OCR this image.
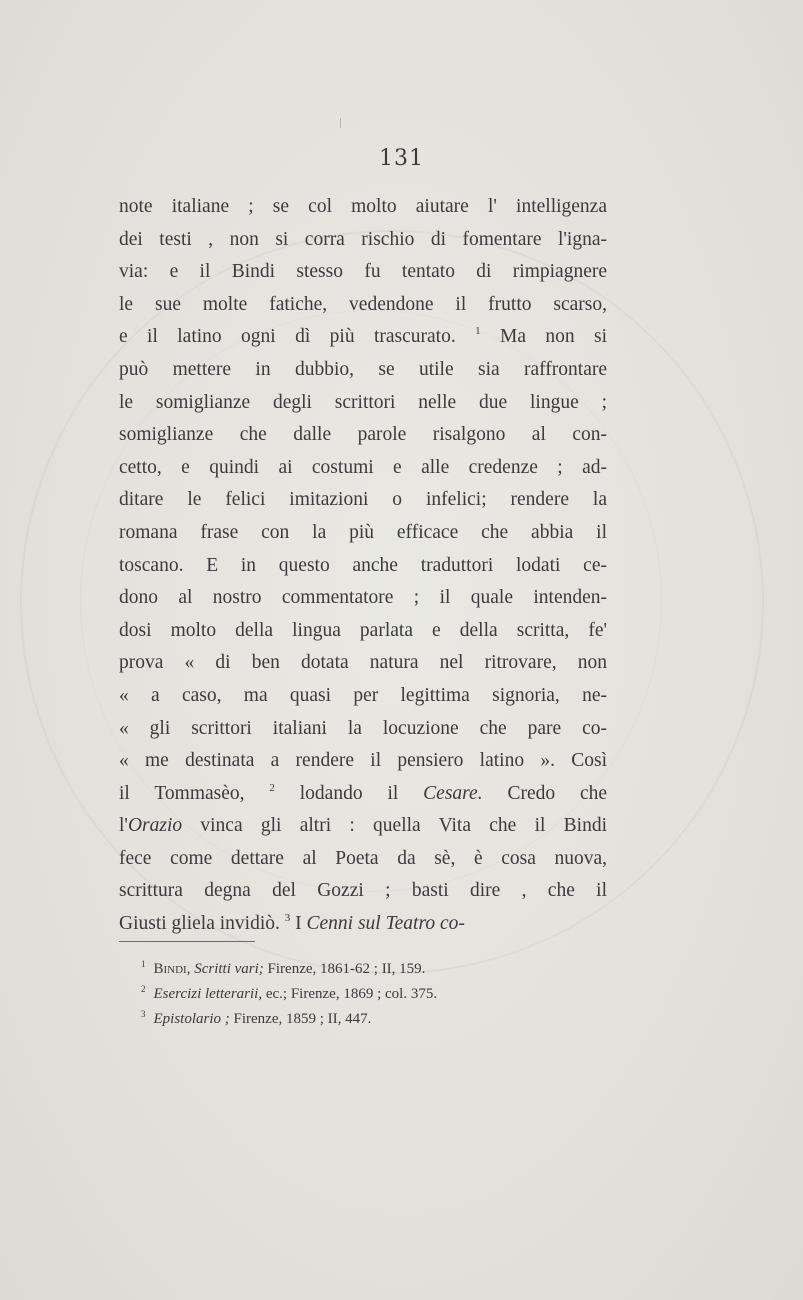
131
note italiane ; se col molto aiutare l' intelligenza
dei testi , non si corra rischio di fomentare l'igna-
via: e il Bindi stesso fu tentato di rimpiagnere
le sue molte fatiche, vedendone il frutto scarso,
e il latino ogni dì più trascurato. $^1$ Ma non si
può mettere in dubbio, se utile sia raffrontare
le somiglianze degli scrittori nelle due lingue ;
somiglianze che dalle parole risalgono al con-
cetto, e quindi ai costumi e alle credenze ; ad-
ditare le felici imitazioni o infelici; rendere la
romana frase con la più efficace che abbia il
toscano. E in questo anche traduttori lodati ce-
dono al nostro commentatore ; il quale intenden-
dosi molto della lingua parlata e della scritta, fe'
prova « di ben dotata natura nel ritrovare, non
« a caso, ma quasi per legittima signoria, ne-
« gli scrittori italiani la locuzione che pare co-
« me destinata a rendere il pensiero latino ». Così
il Tommasèo, $^2$ lodando il Cesare. Credo che
l'Orazio vinca gli altri : quella Vita che il Bindi
fece come dettare al Poeta da sè, è cosa nuova,
scrittura degna del Gozzi ; basti dire , che il
Giusti gliela invidiò. $^3$ I Cenni sul Teatro co-
$^1$ Bindi, Scritti vari; Firenze, 1861-62 ; II, 159.
$^2$ Esercizi letterarii, ec.; Firenze, 1869 ; col. 375.
$^3$ Epistolario ; Firenze, 1859 ; II, 447.
